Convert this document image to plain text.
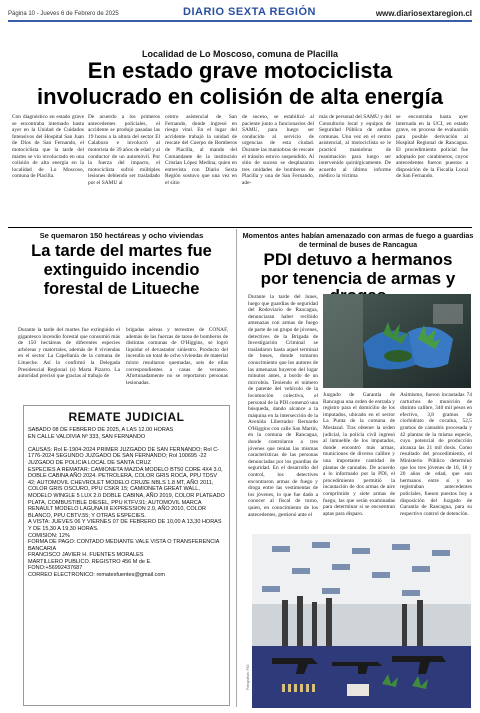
Página 10 - Jueves 6 de Febrero de 2025	DIARIO SEXTA REGIÓN	www.diariosextaregion.cl
Localidad de Lo Moscoso, comuna de Placilla
En estado grave motociclista
involucrado en colisión de alta energía
Con diagnóstico en estado grave se encontraba internado hasta ayer en la Unidad de Cuidados Intensivos del Hospital San Juan de Dios de San Fernando, el motociclista que la tarde del martes se vio involucrado en una colisión de alta energía en la localidad de Lo Moscoso, comuna de Placilla.
De acuerdo a los primeros antecedentes policiales, el accidente se produjo pasadas las 19 horas a la altura del sector El Calabozo e involucró al motorista de 39 años de edad y al conductor de un automóvil. Por la fuerza del impacto, el motociclista sufrió múltiples lesiones debiendo ser trasladado por el SAMU al
centro asistencial de San Fernando, donde ingresó en riesgo vital. En el lugar del accidente trabajó la unidad de rescate del Cuerpo de Bomberos de Placilla, al mando del Comandante de la institución Cristian López Medina, quien en entrevista con Diario Sexta Región sostuvo que una vez en el sitio
de suceso, se estabilizó al paciente junto a funcionarios del SAMU, para luego ser conducido al servicio de urgencias de esta ciudad. Durante las maniobras de rescate el tránsito estuvo suspendido. Al sitio de suceso se desplazaron tres unidades de bomberos de Placilla y una de San Fernando, ade-
más de personal del SAMU y del Consultorio local y equipos de Seguridad Pública de ambas comunas. Una vez en el centro asistencial, al motociclista se le practicó maniobras de reanimación para luego ser intervenido quirúrgicamente. De acuerdo al último informe médico la víctima
se encontraba hasta ayer internada en la UCI, en estado grave, en proceso de evaluación para posible derivación al Hospital Regional de Rancagua. El procedimiento policial fue adoptado por carabineros, cuyos antecedentes fueron puestos a disposición de la Fiscalía Local de San Fernando.
Se quemaron 150 hectáreas y ocho viviendas
La tarde del martes fue extinguido incendio forestal de Litueche
Durante la tarde del martes fue extinguido el gigantesco incendio forestal que consumió más de 150 hectáreas de diferentes especies arbóreas y matorrales, además de 8 viviendas en el sector La Capellanía de la comuna de Litueche. Así lo confirmó la Delegada Presidencial Regional (s) Marta Pizarro. La autoridad precisó que gracias al trabajo de
brigadas aéreas y terrestres de CONAF, además de las fuerzas de tarea de bomberos de distintas comunas de O'Higgins, se logró liquidar el devastador siniestro. Producto del incendio un total de ocho viviendas de material mixto resultaron quemadas, seis de ellas correspondientes a casas de veraneo. Afortunadamente no se reportaron personas lesionadas.
REMATE JUDICIAL
SABADO 08 DE FEBRERO DE 2025, A LAS 12.00 HORAS
EN CALLE VALDIVIA Nº 333, SAN FERNANDO

CAUSAS: Rol E-1904-2024 PRIMER JUZGADO DE SAN FERNANDO; Rol C-1776-2024 SEGUNDO JUZGADO DE SAN FERNANDO; Rol 100695 -22 JUZGADO DE POLICIA LOCAL DE SANTA CRUZ
ESPECIES A REMATAR: CAMIONETA MAZDA MODELO BT50 CORE 4X4 3.0, DOBLE CABINA AÑO 2024. PETROLERA, COLOR GRIS ROCA, PPU TDSV 42; AUTOMOVIL CHEVROLET MODELO CRUZE NBLS 1.8 MT, AÑO 2011, COLOR GRIS OSCURO, PPU CSKR 15; CAMIONETA GREAT WALL, MODELO WINGLE 5 LUX 2.0 DOBLE CABINA, AÑO 2019, COLOR PLATEADO PLATA, COMBUSTIBLE DIESEL, PPU KTFV.91; AUTOMOVIL MARCA RENAULT MODELO LAGUNA III EXPRESSION 2.0, AÑO 2010, COLOR BLANCO, PPU CBTV.55; Y OTRAS ESPECIES.
A VISTA: JUEVES 06 Y VIERNES 07 DE FEBRERO DE 10,00 A 13,30 HORAS Y DE 15,30 A 19,30 HORAS.
COMISION: 12%
FORMA DE PAGO: CONTADO MEDIANTE VALE VISTA O TRANSFERENCIA BANCARIA
FRANCISCO JAVIER H. FUENTES MORALES
MARTILLERO PUBLICO. REGISTRO 456 M de E.
FONO:+56992437687
CORREO ELECTRONICO: rematesfuentes@gmail.com
Momentos antes habían amenazado con armas de fuego a guardias
de terminal de buses de Rancagua
PDI detuvo a hermanos
por tenencia de armas y
Durante la tarde del lunes, luego que guardias de seguridad del Rodoviario de Rancagua, denunciaran haber recibido amenazas con armas de fuego de parte de un grupo de jóvenes, detectives de la Brigada de Investigación Criminal se trasladaron hasta aquel terminal de buses, donde tomaron conocimiento que los autores de las amenazas huyeron del lugar minutos antes, a bordo de un microbús. Teniendo el número de patente del vehículo de la locomoción colectiva, el personal de la PDI comenzó una búsqueda, dando alcance a la máquina en la intersección de la Avenida Libertador Bernardo O'Higgins con calle San Martín, en la comuna de Rancagua, donde controlaron a tres jóvenes que tenían las mismas características de las personas denunciadas por los guardias de seguridad. En el desarrollo del control, los detectives encontraron armas de fuego y droga entre las vestimentas de los jóvenes, lo que fue dado a conocer al fiscal de turno, quien, en conocimiento de los antecedentes, gestionó ante el
Juzgado de Garantía de Rancagua una orden de entrada y registro para el domicilio de los imputados, ubicado en el sector La Punta de la comuna de Mostazal. Tras obtener la orden judicial, la policía civil ingresó al inmueble de los imputados, donde encontró más armas, municiones de diverso calibre y una importante cantidad de plantas de cannabis. De acuerdo a lo informado por la PDI, el procedimiento permitió la incautación de dos armas de aire comprimido y siete armas de fuego, las que serán examinadas para determinar si se encuentran aptas para disparo.
Asimismo, fueron incautadas 74 cartuchos de munición de distinto calibre, 340 mil pesos en efectivo, 3,8 gramos de clorhidrato de cocaína, 52,5 gramos de cannabis procesada y 42 plantas de la misma especie, cuyo potencial de producción alcanza las 21 mil dosis. Como resultado del procedimiento, el Ministerio Público determinó que los tres jóvenes de 16, 18 y 20 años de edad, que son hermanos entre sí y no registraban antecedentes policiales, fuesen puestos hoy a disposición del Juzgado de Garantía de Rancagua, para su respectivo control de detención.
Fotografías: PDI
